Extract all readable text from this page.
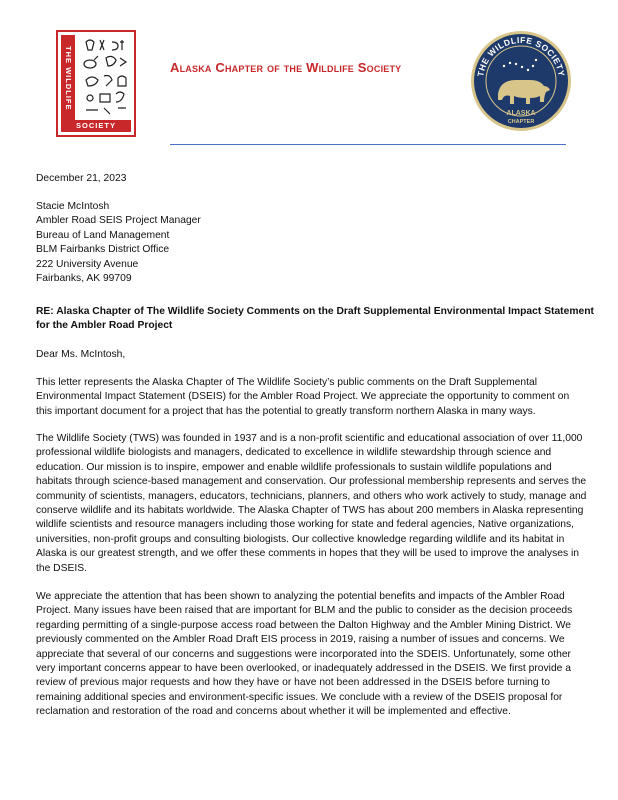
THE WILDLIFE
SOCIETY
Alaska Chapter of the Wildlife Society	THE WILDLIFE SOCIETY
ALASKA
CHAPTER
December 21, 2023
Stacie McIntosh
Ambler Road SEIS Project Manager
Bureau of Land Management
BLM Fairbanks District Office
222 University Avenue
Fairbanks, AK 99709
RE: Alaska Chapter of The Wildlife Society Comments on the Draft Supplemental Environmental Impact Statement for the Ambler Road Project
Dear Ms. McIntosh,
This letter represents the Alaska Chapter of The Wildlife Society’s public comments on the Draft Supplemental Environmental Impact Statement (DSEIS) for the Ambler Road Project. We appreciate the opportunity to comment on this important document for a project that has the potential to greatly transform northern Alaska in many ways.
The Wildlife Society (TWS) was founded in 1937 and is a non-profit scientific and educational association of over 11,000 professional wildlife biologists and managers, dedicated to excellence in wildlife stewardship through science and education. Our mission is to inspire, empower and enable wildlife professionals to sustain wildlife populations and habitats through science-based management and conservation. Our professional membership represents and serves the community of scientists, managers, educators, technicians, planners, and others who work actively to study, manage and conserve wildlife and its habitats worldwide. The Alaska Chapter of TWS has about 200 members in Alaska representing wildlife scientists and resource managers including those working for state and federal agencies, Native organizations, universities, non-profit groups and consulting biologists. Our collective knowledge regarding wildlife and its habitat in Alaska is our greatest strength, and we offer these comments in hopes that they will be used to improve the analyses in the DSEIS.
We appreciate the attention that has been shown to analyzing the potential benefits and impacts of the Ambler Road Project. Many issues have been raised that are important for BLM and the public to consider as the decision proceeds regarding permitting of a single-purpose access road between the Dalton Highway and the Ambler Mining District. We previously commented on the Ambler Road Draft EIS process in 2019, raising a number of issues and concerns. We appreciate that several of our concerns and suggestions were incorporated into the SDEIS. Unfortunately, some other very important concerns appear to have been overlooked, or inadequately addressed in the DSEIS. We first provide a review of previous major requests and how they have or have not been addressed in the DSEIS before turning to remaining additional species and environment-specific issues. We conclude with a review of the DSEIS proposal for reclamation and restoration of the road and concerns about whether it will be implemented and effective.
